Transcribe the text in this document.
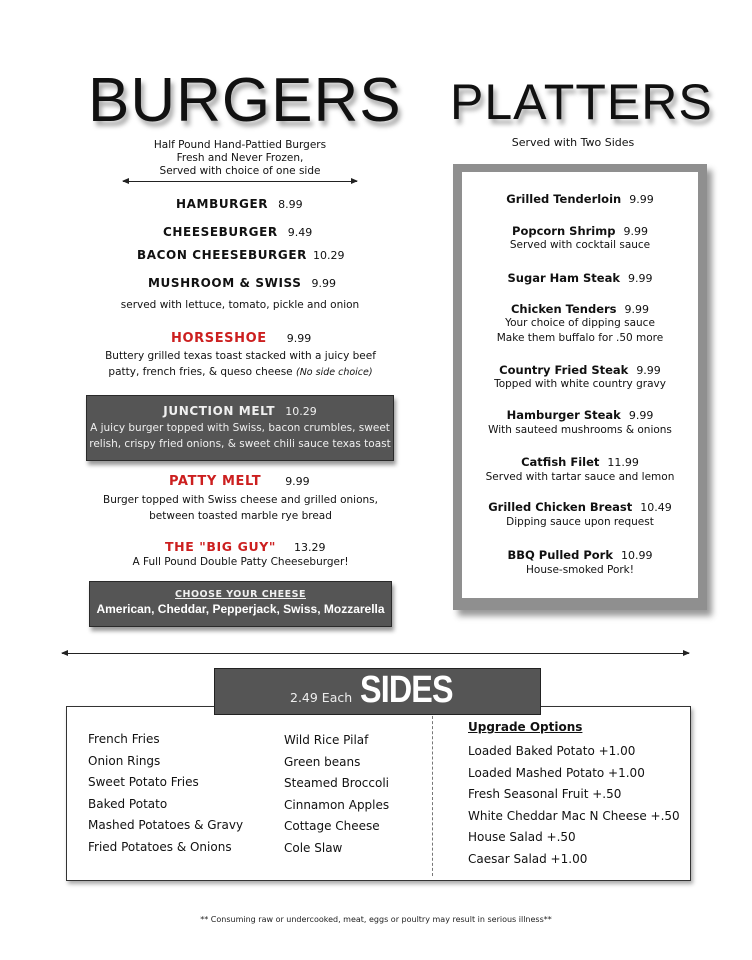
BURGERS
Half Pound Hand-Pattied Burgers
Fresh and Never Frozen,
Served with choice of one side
HAMBURGER 8.99
CHEESEBURGER 9.49
BACON CHEESEBURGER 10.29
MUSHROOM & SWISS 9.99
served with lettuce, tomato, pickle and onion
HORSESHOE 9.99
Buttery grilled texas toast stacked with a juicy beef
patty, french fries, & queso cheese (No side choice)
JUNCTION MELT 10.29
A juicy burger topped with Swiss, bacon crumbles, sweet
relish, crispy fried onions, & sweet chili sauce texas toast
PATTY MELT 9.99
Burger topped with Swiss cheese and grilled onions,
between toasted marble rye bread
THE "BIG GUY" 13.29
A Full Pound Double Patty Cheeseburger!
CHOOSE YOUR CHEESE
American, Cheddar, Pepperjack, Swiss, Mozzarella
PLATTERS
Served with Two Sides
Grilled Tenderloin 9.99
Popcorn Shrimp 9.99
Served with cocktail sauce
Sugar Ham Steak 9.99
Chicken Tenders 9.99
Your choice of dipping sauce
Make them buffalo for .50 more
Country Fried Steak 9.99
Topped with white country gravy
Hamburger Steak 9.99
With sauteed mushrooms & onions
Catfish Filet 11.99
Served with tartar sauce and lemon
Grilled Chicken Breast 10.49
Dipping sauce upon request
BBQ Pulled Pork 10.99
House-smoked Pork!
2.49 Each SIDES
French Fries
Onion Rings
Sweet Potato Fries
Baked Potato
Mashed Potatoes & Gravy
Fried Potatoes & Onions
Wild Rice Pilaf
Green beans
Steamed Broccoli
Cinnamon Apples
Cottage Cheese
Cole Slaw
Upgrade Options
Loaded Baked Potato +1.00
Loaded Mashed Potato +1.00
Fresh Seasonal Fruit +.50
White Cheddar Mac N Cheese +.50
House Salad +.50
Caesar Salad +1.00
** Consuming raw or undercooked, meat, eggs or poultry may result in serious illness**
